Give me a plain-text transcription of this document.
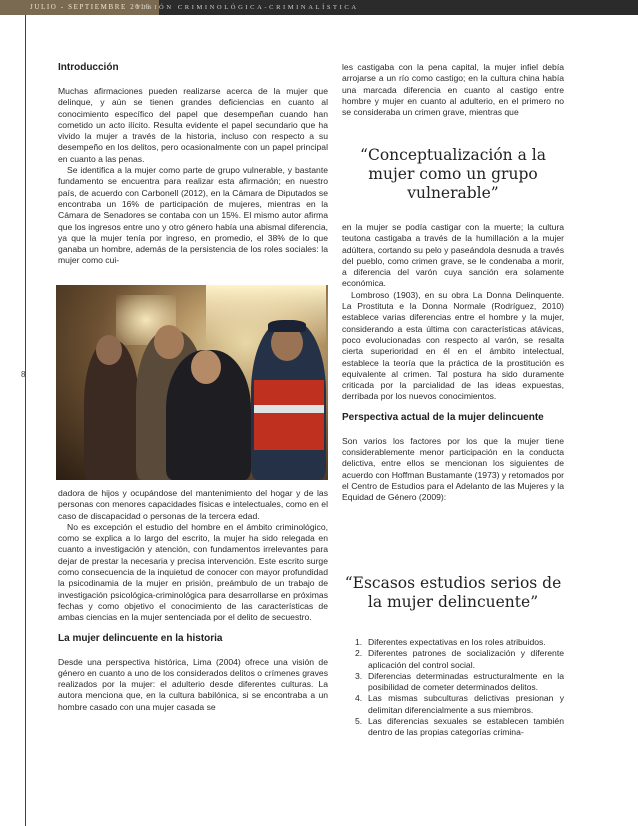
JULIO - SEPTIEMBRE 2016
VISIÓN CRIMINOLÓGICA-CRIMINALÍSTICA
8
Introducción

Muchas afirmaciones pueden realizarse acerca de la mujer que delinque, y aún se tienen grandes deficiencias en cuanto al conocimiento específico del papel que desempeñan cuando han cometido un acto ilícito. Resulta evidente el papel secundario que ha vivido la mujer a través de la historia, incluso con respecto a su desempeño en los delitos, pero ocasionalmente con un papel principal en cuanto a las penas.

Se identifica a la mujer como parte de grupo vulnerable, y bastante fundamento se encuentra para realizar esta afirmación; en nuestro país, de acuerdo con Carbonell (2012), en la Cámara de Diputados se encontraba un 16% de participación de mujeres, mientras en la Cámara de Senadores se contaba con un 15%. El mismo autor afirma que los ingresos entre uno y otro género había una abismal diferencia, ya que la mujer tenía por ingreso, en promedio, el 38% de lo que ganaba un hombre, además de la persistencia de los roles sociales: la mujer como cui-

dadora de hijos y ocupándose del mantenimiento del hogar y de las personas con menores capacidades físicas e intelectuales, como en el caso de discapacidad o personas de la tercera edad.

No es excepción el estudio del hombre en el ámbito criminológico, como se explica a lo largo del escrito, la mujer ha sido relegada en cuanto a investigación y atención, con fundamentos irrelevantes para dejar de prestar la necesaria y precisa intervención. Este escrito surge como consecuencia de la inquietud de conocer con mayor profundidad la psicodinamia de la mujer en prisión, preámbulo de un trabajo de investigación psicológica-criminológica para desarrollarse en próximas fechas y como objetivo el conocimiento de las características de ambas ciencias en la mujer sentenciada por el delito de secuestro.

La mujer delincuente en la historia

Desde una perspectiva histórica, Lima (2004) ofrece una visión de género en cuanto a uno de los considerados delitos o crímenes graves realizados por la mujer: el adulterio desde diferentes culturas. La autora menciona que, en la cultura babilónica, si se encontraba a un hombre casado con una mujer casada se

les castigaba con la pena capital, la mujer infiel debía arrojarse a un río como castigo; en la cultura china había una marcada diferencia en cuanto al castigo entre hombre y mujer en cuanto al adulterio, en el primero no se consideraba un crimen grave, mientras que

“Conceptualización a la mujer como un grupo vulnerable”

en la mujer se podía castigar con la muerte; la cultura teutona castigaba a través de la humillación a la mujer adúltera, cortando su pelo y paseándola desnuda a través del pueblo, como crimen grave, se le condenaba a morir, a diferencia del varón cuya sanción era solamente económica.

Lombroso (1903), en su obra La Donna Delinquente. La Prostituta e la Donna Normale (Rodríguez, 2010) establece varias diferencias entre el hombre y la mujer, considerando a esta última con características atávicas, poco evolucionadas con respecto al varón, se resalta cierta superioridad en él en el ámbito intelectual, establece la teoría que la práctica de la prostitución es equivalente al crimen. Tal postura ha sido duramente criticada por la parcialidad de las ideas expuestas, derribada por los nuevos conocimientos.

Perspectiva actual de la mujer delincuente

Son varios los factores por los que la mujer tiene considerablemente menor participación en la conducta delictiva, entre ellos se mencionan los siguientes de acuerdo con Hoffman Bustamante (1973) y retomados por el Centro de Estudios para el Adelanto de las Mujeres y la Equidad de Género (2009):

“Escasos estudios serios de la mujer delincuente”
1. Diferentes expectativas en los roles atribuidos.
2. Diferentes patrones de socialización y diferente aplicación del control social.
3. Diferencias determinadas estructuralmente en la posibilidad de cometer determinados delitos.
4. Las mismas subculturas delictivas presionan y delimitan diferencialmente a sus miembros.
5. Las diferencias sexuales se establecen también dentro de las propias categorías crimina-
